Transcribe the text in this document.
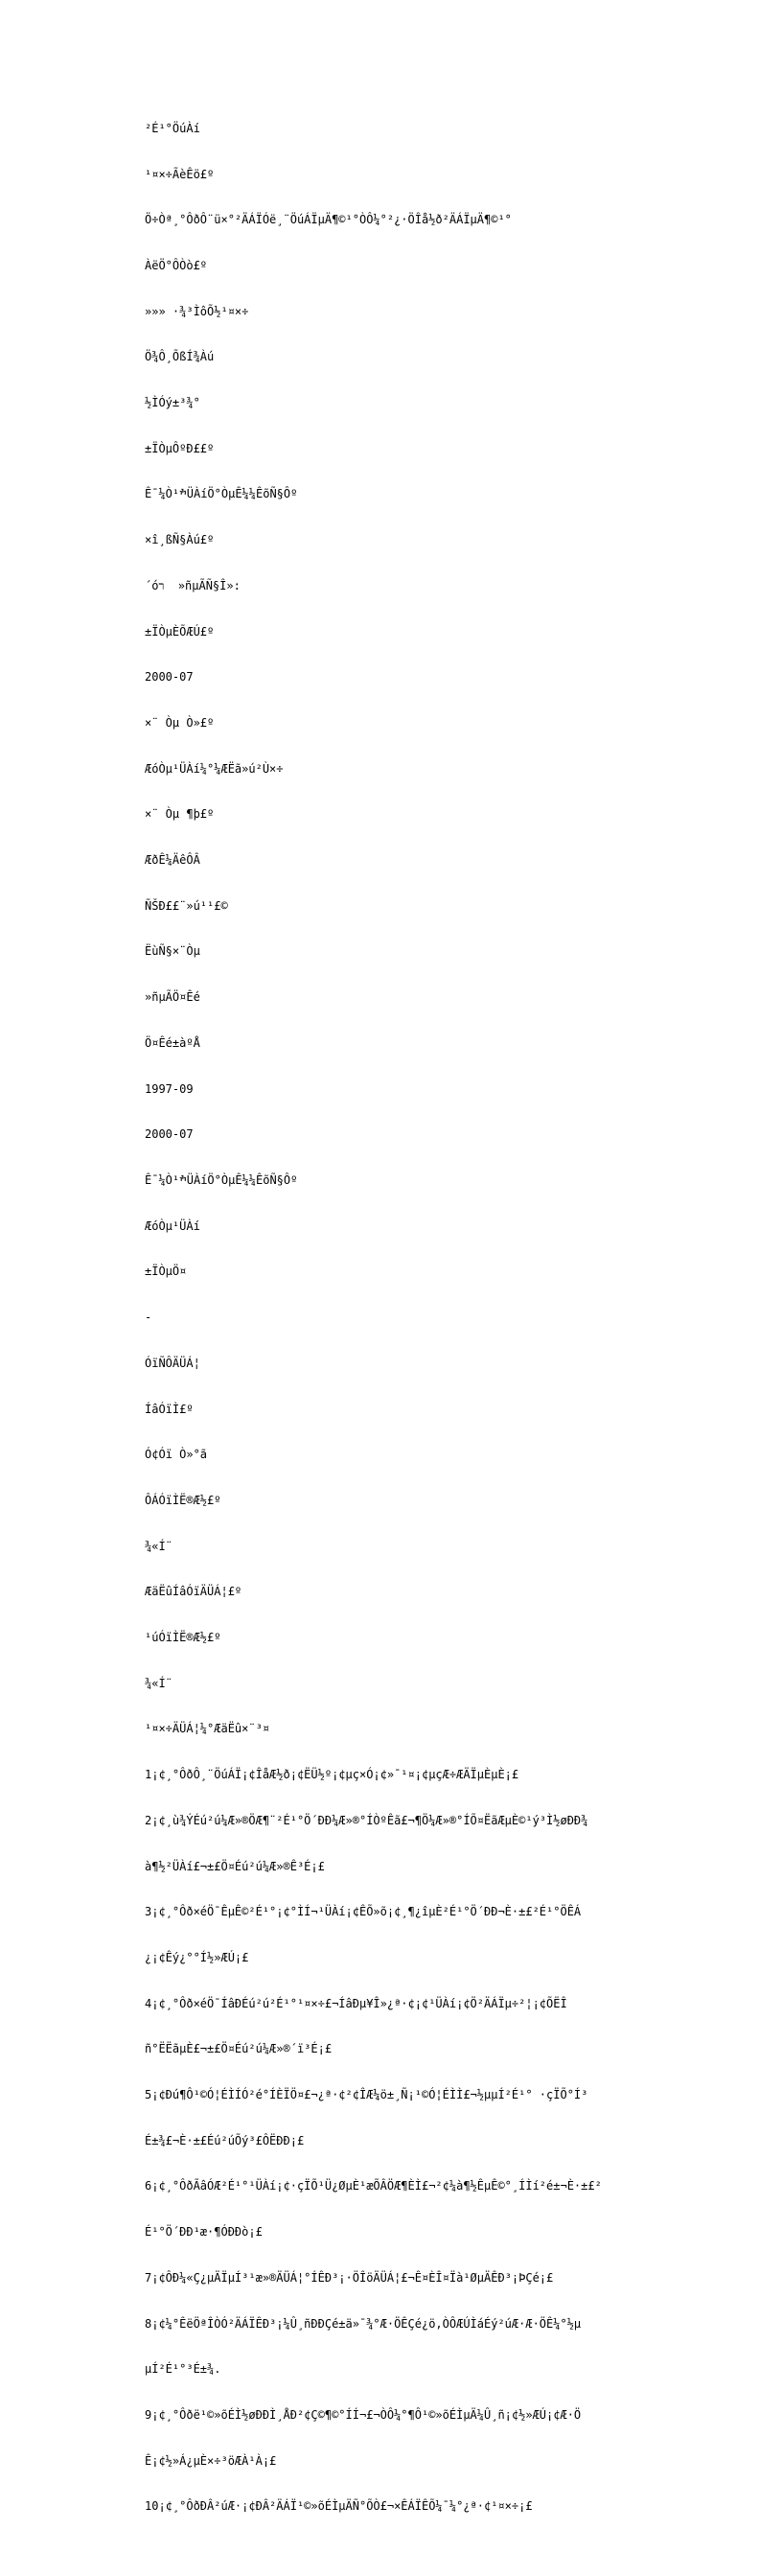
²É¹°ÖúÀí

¹¤×÷ÃèÊö£º

Ö÷Òª¸°ÔðÔ¨ü×°²ÄÁÏÓë¸¨ÖúÁÏµÄ¶©¹°ÒÔ¼°²¿·ÖÎå½ð²ÄÁÏµÄ¶©¹°

ÀëÖ°ÔÒò£º

»»» ·¾³ÌôÕ½¹¤×÷

Ö¾Ô¸ÕßÍ¾Àú

½ÌÓý±³¾°

±ÏÒµÔºÐ££º

Ê¯¼Òׯ¹ÜÀíÖ°ÒµÊ¼¼ÊõÑ§Ôº

×î¸ßÑ§Àú£º

´óר  »ñµÃÑ§Î»:

±ÏÒµÈÕÆÚ£º

2000-07

×¨ Òµ Ò»£º

ÆóÒµ¹ÜÀí¼°¼ÆËã»ú²Ù×÷

×¨ Òµ ¶þ£º

ÆðÊ¼ÄêÔÂ

ÑŠÐ££¨»ú¹¹£©

ËùÑ§×¨Òµ

»ñµÃÖ¤Êé

Ö¤Êé±àºÅ

1997-09

2000-07

Ê¯¼Òׯ¹ÜÀíÖ°ÒµÊ¼¼ÊõÑ§Ôº

ÆóÒµ¹ÜÀí

±ÏÒµÖ¤

-

ÓïÑÔÄÜÁ¦

ÍâÓïÌ£º

Ó¢Óï Ò»°ã

ÔÁÓïÌË®Æ½£º

¾«Í¨

ÆäËûÍâÓïÄÜÁ¦£º

¹úÓïÌË®Æ½£º

¾«Í¨

¹¤×÷ÄÜÁ¦¼°ÆäËû×¨³¤

1¡¢¸°ÔðÔ¸¨ÖúÁÏ¡¢ÎåÆ½ð¡¢ËÜ½º¡¢µç×Ó¡¢»¯¹¤¡¢µçÆ÷ÆÄÏµÈµÈ¡£

2¡¢¸ù¾ÝÉú²ú¼Æ»®ÖÆ¶¨²É¹°Ö´ÐÐ¼Æ»®°ÍÒºÊã£¬¶Ö¼Æ»®°ÍÕ¤ËãÆµÈ©¹ý³Ì½øÐÐ¾

à¶½²ÜÀí£¬±£Ö¤Éú²ú¼Æ»®Ê³É¡£

3¡¢¸°Ôð×éÖ¯ÊµÊ©²É¹°¡¢°ÌÍ¬¹ÜÀí¡¢ÊÕ»õ¡¢¸¶¿îµÈ²É¹°Ö´ÐÐ¬È·±£²É¹°ÖÊÁ

¿¡¢Êý¿°°Í½»ÆÚ¡£

4¡¢¸°Ôð×éÖ¯ÍâÐÉú²ú²É¹°¹¤×÷£¬ÍâÐµ¥Î»¿ª·¢¡¢¹ÜÀí¡¢Ö²ÄÁÏµ÷²¦¡¢ÕËÎ

ñ°ËËãµÈ£¬±£Ö¤Éú²ú¼Æ»®´ï³É¡£

5¡¢Ðú¶Ô¹©Ó¦ÉÌÍÓ²é°ÍÈÏÖ¤£¬¿ª·¢²¢ÎÆ¼ö±¸Ñ¡¹©Ó¦ÉÌÌ£¬½µµÍ²É¹° ·çÏÕ°Í³

É±¾£¬È·±£Éú²úÕý³£ÔËÐÐ¡£

6¡¢¸°ÔðÃâÓÆ²É¹°¹ÜÀí¡¢·çÏÕ¹Ü¿ØµÈ¹æÕÂÖÆ¶ÈÌ£¬²¢¼à¶½ÊµÊ©°¸ÍÌí²é±¬È·±£²

É¹°Ö´ÐÐ¹æ·¶ÓÐÐò¡£

7¡¢ÔÐ¼«Ç¿µÄÏµÍ³¹æ»®ÄÜÁ¦°ÍÊÐ³¡·ÖÎöÄÜÁ¦£¬Ê¤ÈÎ¤Ïà¹ØµÄÊÐ³¡ÞÇé¡£

8¡¢¼°ÊëÖªÎÒÓ²ÄÁÏÊÐ³¡¼Û¸ñÐÐÇé±ä»¯¾°Æ·ÖÊÇé¿ö,ÒÔÆÚÌáÉý²úÆ·Æ·ÖÊ¼°½µ

µÍ²É¹°³É±¾.

9¡¢¸°Ôðë¹©»õÉÌ½øÐÐÌ¸ÅÐ²¢Ç©¶©°ÍÍ¬£¬ÒÔ¼°¶Ô¹©»õÉÌµÄ¼Û¸ñ¡¢½»ÆÚ¡¢Æ·Ö

Ê¡¢½»Á¿µÈ×÷³öÆÀ¹À¡£

10¡¢¸°ÔðÐÂ²úÆ·¡¢ÐÂ²ÄÁÏ¹©»õÉÌµÄÑ°ÕÒ£¬×ÊÁÏÊÕ¼¯¼°¿ª·¢¹¤×÷¡£
